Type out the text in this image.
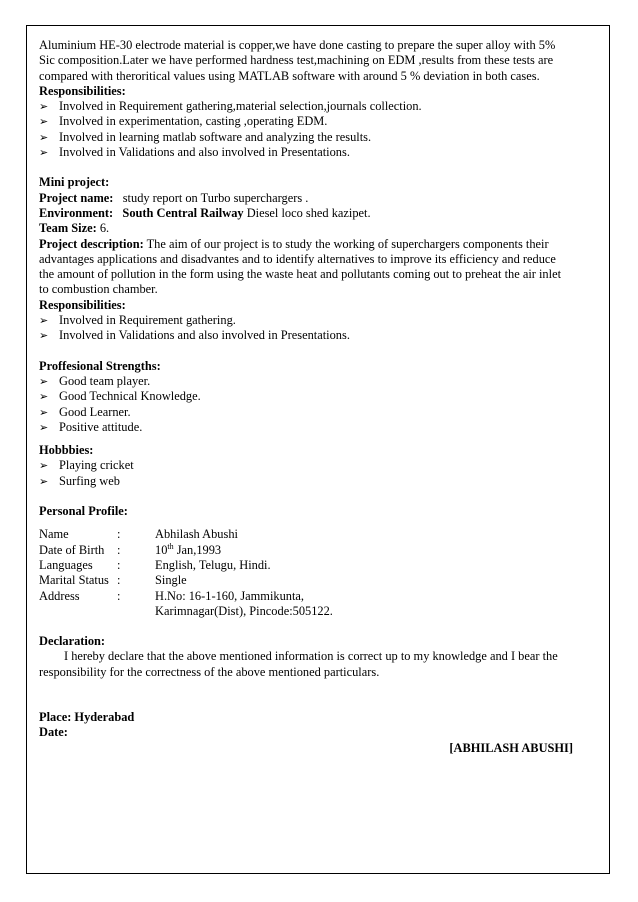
Aluminium HE-30 electrode material is copper,we have done casting to prepare the super alloy with 5%

Sic composition.Later we have performed hardness test,machining on EDM ,results from these tests are

compared with theroritical values using MATLAB software with around 5 % deviation in both cases.

Responsibilities:

➢ Involved in Requirement gathering,material selection,journals collection.
➢ Involved in experimentation, casting ,operating EDM.
➢ Involved in learning matlab software and analyzing the results.
➢ Involved in Validations and also involved in Presentations.

Mini project:

Project name: study report on Turbo superchargers .

Environment: South Central Railway Diesel loco shed kazipet.

Team Size: 6.

Project description: The aim of our project is to study the working of superchargers components their

advantages applications and disadvantes and to identify alternatives to improve its efficiency and reduce

the amount of pollution in the form using the waste heat and pollutants coming out to preheat the air inlet

to combustion chamber.

Responsibilities:

➢ Involved in Requirement gathering.
➢ Involved in Validations and also involved in Presentations.

Proffesional Strengths:

➢ Good team player.
➢ Good Technical Knowledge.
➢ Good Learner.
➢ Positive attitude.

Hobbbies:

➢ Playing cricket
➢ Surfing web

Personal Profile:

Name	:	Abhilash Abushi
Date of Birth	:	10th Jan,1993
Languages	:	English, Telugu, Hindi.
Marital Status :	Single
Address	:	H.No: 16-1-160, Jammikunta,
Karimnagar(Dist), Pincode:505122.

Declaration:

I hereby declare that the above mentioned information is correct up to my knowledge and I bear the

responsibility for the correctness of the above mentioned particulars.

Place: Hyderabad

Date:

[ABHILASH ABUSHI]
